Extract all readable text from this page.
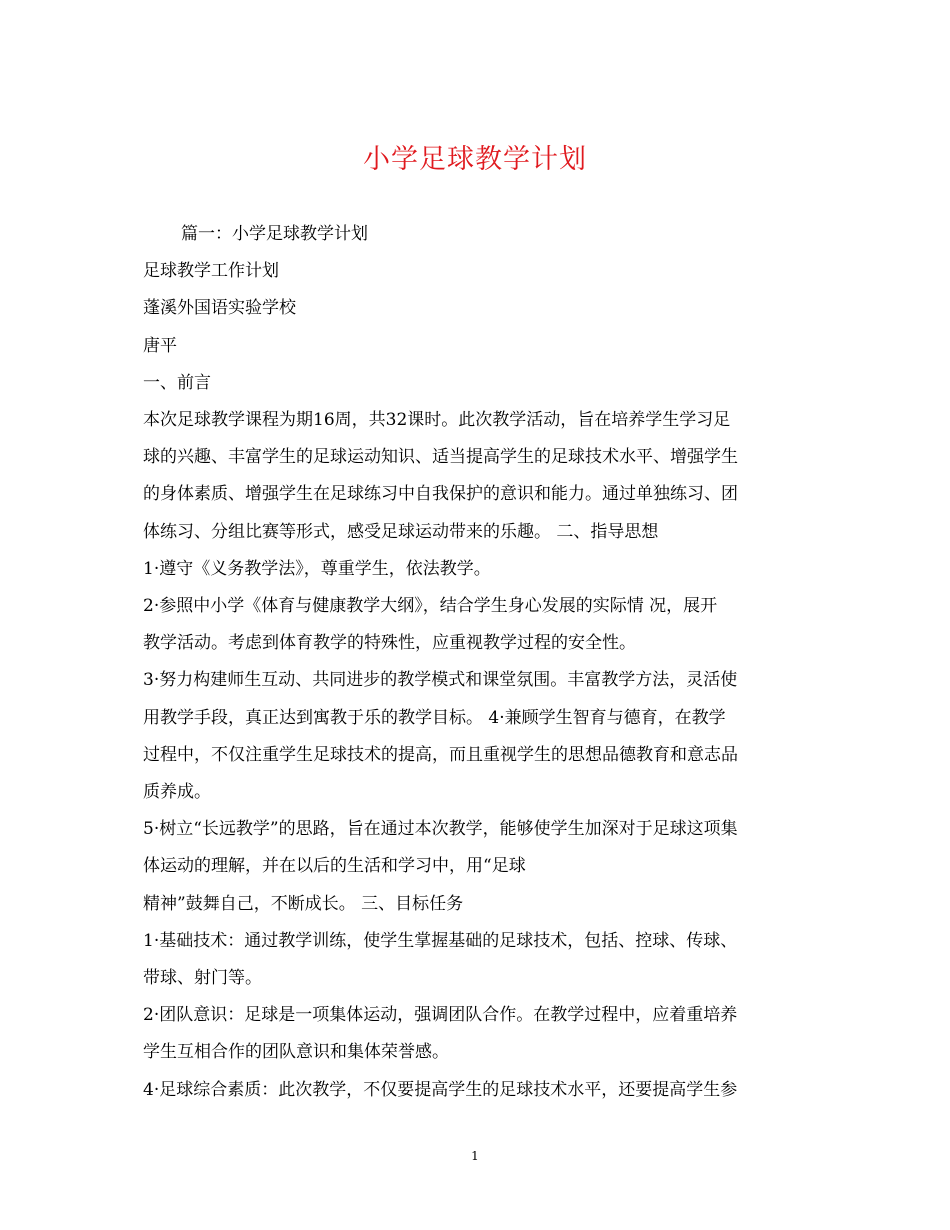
小学足球教学计划
篇一：小学足球教学计划
足球教学工作计划
蓬溪外国语实验学校
唐平
一、前言
本次足球教学课程为期16周，共32课时。此次教学活动，旨在培养学生学习足
球的兴趣、丰富学生的足球运动知识、适当提高学生的足球技术水平、增强学生
的身体素质、增强学生在足球练习中自我保护的意识和能力。通过单独练习、团
体练习、分组比赛等形式，感受足球运动带来的乐趣。 二、指导思想
1·遵守《义务教学法》，尊重学生，依法教学。
2·参照中小学《体育与健康教学大纲》，结合学生身心发展的实际情 况，展开
教学活动。考虑到体育教学的特殊性，应重视教学过程的安全性。
3·努力构建师生互动、共同进步的教学模式和课堂氛围。丰富教学方法，灵活使
用教学手段，真正达到寓教于乐的教学目标。 4·兼顾学生智育与德育，在教学
过程中，不仅注重学生足球技术的提高，而且重视学生的思想品德教育和意志品
质养成。
5·树立“长远教学”的思路，旨在通过本次教学，能够使学生加深对于足球这项集
体运动的理解，并在以后的生活和学习中，用“足球
精神”鼓舞自己，不断成长。 三、目标任务
1·基础技术：通过教学训练，使学生掌握基础的足球技术，包括、控球、传球、
带球、射门等。
2·团队意识：足球是一项集体运动，强调团队合作。在教学过程中，应着重培养
学生互相合作的团队意识和集体荣誉感。
4·足球综合素质：此次教学，不仅要提高学生的足球技术水平，还要提高学生参
1
